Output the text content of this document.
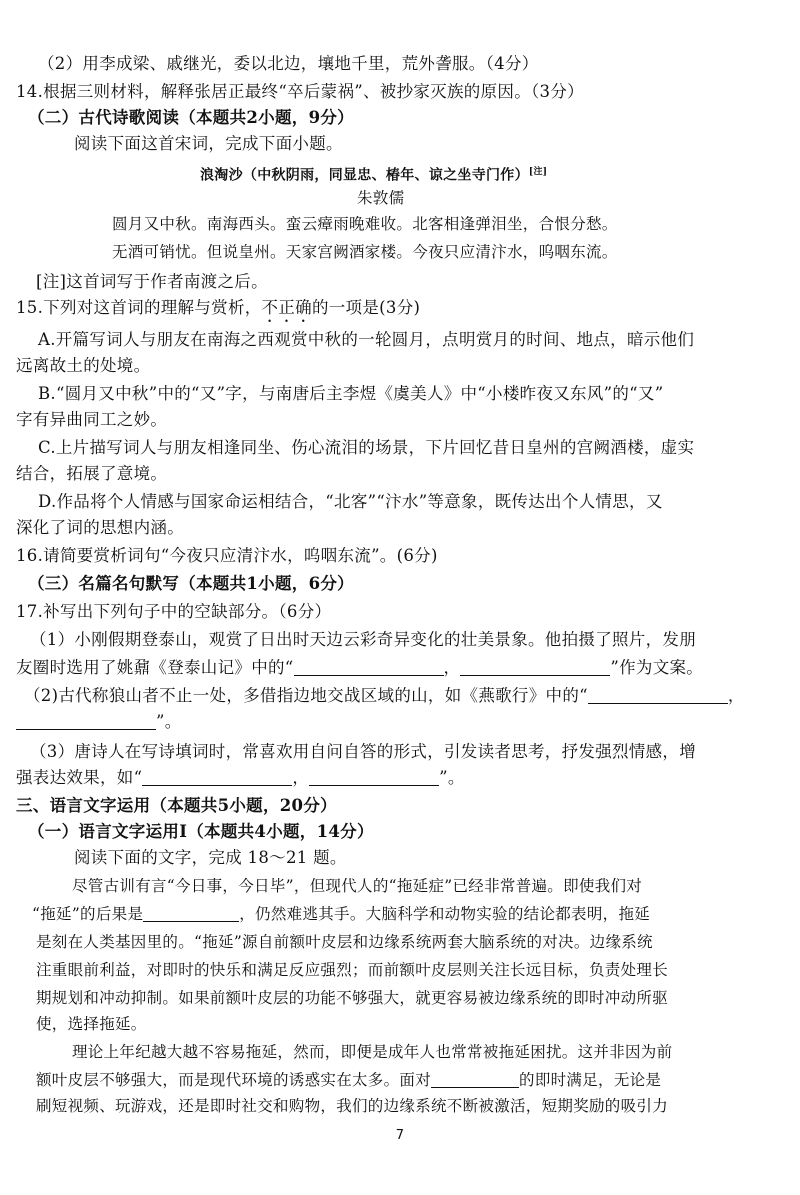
（2）用李成梁、戚继光，委以北边，壤地千里，荒外詟服。（4分）
14.根据三则材料，解释张居正最终“卒后蒙祸”、被抄家灭族的原因。（3分）
（二）古代诗歌阅读（本题共2小题，9分）
阅读下面这首宋词，完成下面小题。
浪淘沙（中秋阴雨，同显忠、椿年、谅之坐寺门作）[注]
朱敦儒
圆月又中秋。南海西头。蛮云瘴雨晚难收。北客相逢弹泪坐，合恨分愁。
无酒可销忧。但说皇州。天家宫阙酒家楼。今夜只应清汴水，呜咽东流。
[注]这首词写于作者南渡之后。
15.下列对这首词的理解与赏析，不正确的一项是(3分)
A.开篇写词人与朋友在南海之西观赏中秋的一轮圆月，点明赏月的时间、地点，暗示他们
远离故土的处境。
B.“圆月又中秋”中的“又”字，与南唐后主李煜《虞美人》中“小楼昨夜又东风”的“又”
字有异曲同工之妙。
C.上片描写词人与朋友相逢同坐、伤心流泪的场景，下片回忆昔日皇州的宫阙酒楼，虚实
结合，拓展了意境。
D.作品将个人情感与国家命运相结合，“北客”“汴水”等意象，既传达出个人情思，又
深化了词的思想内涵。
16.请简要赏析词句“今夜只应清汴水，呜咽东流”。(6分)
（三）名篇名句默写（本题共1小题，6分）
17.补写出下列句子中的空缺部分。（6分）
（1）小刚假期登泰山，观赏了日出时天边云彩奇异变化的壮美景象。他拍摄了照片，发朋
友圈时选用了姚鼐《登泰山记》中的“	，	”作为文案。
（2)古代称狼山者不止一处，多借指边地交战区域的山，如《燕歌行》中的“	，
”。
（3）唐诗人在写诗填词时，常喜欢用自问自答的形式，引发读者思考，抒发强烈情感，增
强表达效果，如“	，	”。
三、语言文字运用（本题共5小题，20分）
（一）语言文字运用Ⅰ（本题共4小题，14分）
阅读下面的文字，完成 18～21 题。
尽管古训有言“今日事，今日毕”，但现代人的“拖延症”已经非常普遍。即使我们对
“拖延”的后果是	，仍然难逃其手。大脑科学和动物实验的结论都表明，拖延
是刻在人类基因里的。“拖延”源自前额叶皮层和边缘系统两套大脑系统的对决。边缘系统
注重眼前利益，对即时的快乐和满足反应强烈；而前额叶皮层则关注长远目标，负责处理长
期规划和冲动抑制。如果前额叶皮层的功能不够强大，就更容易被边缘系统的即时冲动所驱
使，选择拖延。
理论上年纪越大越不容易拖延，然而，即便是成年人也常常被拖延困扰。这并非因为前
额叶皮层不够强大，而是现代环境的诱惑实在太多。面对	的即时满足，无论是
刷短视频、玩游戏，还是即时社交和购物，我们的边缘系统不断被激活，短期奖励的吸引力
7
